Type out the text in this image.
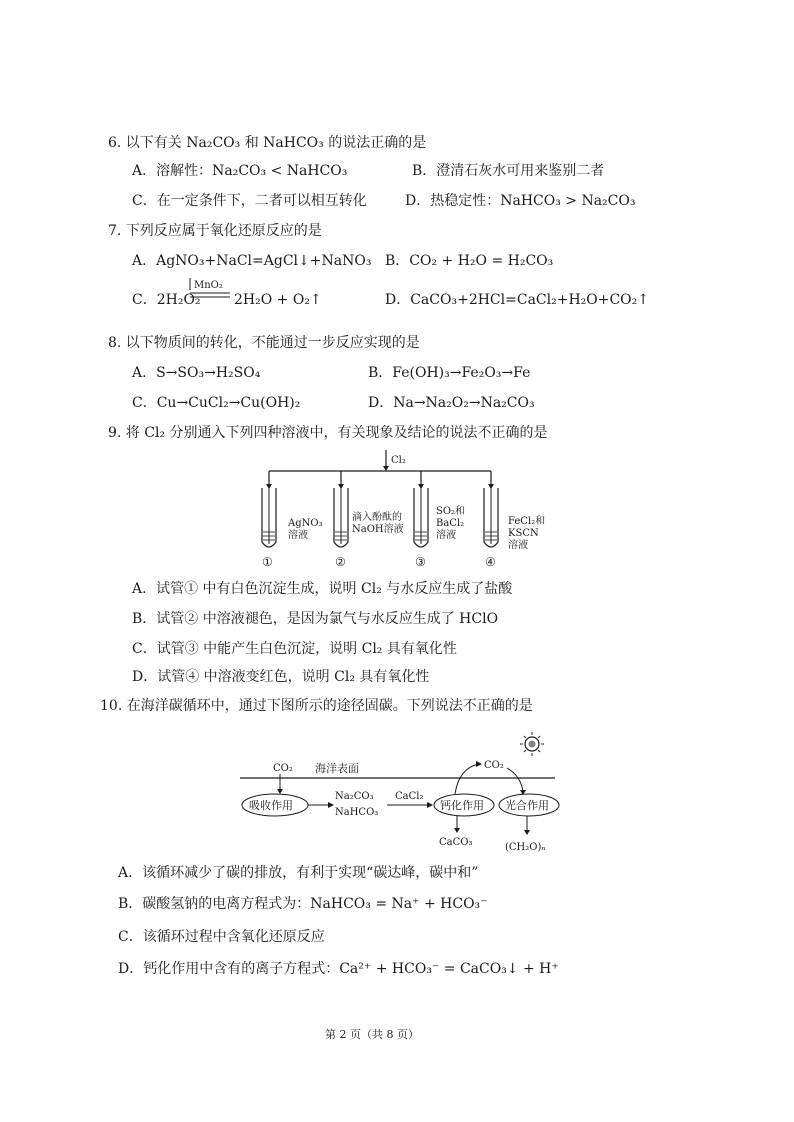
6. 以下有关 Na₂CO₃ 和 NaHCO₃ 的说法正确的是
A．溶解性：Na₂CO₃ < NaHCO₃	B．澄清石灰水可用来鉴别二者
C．在一定条件下，二者可以相互转化	D．热稳定性：NaHCO₃ > Na₂CO₃
7. 下列反应属于氧化还原反应的是
A．AgNO₃+NaCl=AgCl↓+NaNO₃ B．CO₂ + H₂O = H₂CO₃
C．2H₂O₂
MnO₂
2H₂O + O₂↑	D．CaCO₃+2HCl=CaCl₂+H₂O+CO₂↑
8. 以下物质间的转化，不能通过一步反应实现的是
A．S→SO₃→H₂SO₄	B．Fe(OH)₃→Fe₂O₃→Fe
C．Cu→CuCl₂→Cu(OH)₂	D．Na→Na₂O₂→Na₂CO₃
9. 将 Cl₂ 分别通入下列四种溶液中，有关现象及结论的说法不正确的是
Cl₂
AgNO₃
溶液
①
滴入酚酞的
NaOH溶液
②
SO₂和
BaCl₂
溶液
③
FeCl₂和
KSCN
溶液
④
A．试管① 中有白色沉淀生成，说明 Cl₂ 与水反应生成了盐酸
B．试管② 中溶液褪色，是因为氯气与水反应生成了 HClO
C．试管③ 中能产生白色沉淀，说明 Cl₂ 具有氧化性
D．试管④ 中溶液变红色，说明 Cl₂ 具有氧化性
10. 在海洋碳循环中，通过下图所示的途径固碳。下列说法不正确的是
海洋表面
CO₂
吸收作用
Na₂CO₃
NaHCO₃
CaCl₂
钙化作用
CO₂
光合作用
CaCO₃	(CH₂O)ₙ
A．该循环减少了碳的排放，有利于实现“碳达峰，碳中和”
B．碳酸氢钠的电离方程式为：NaHCO₃ = Na⁺ + HCO₃⁻
C．该循环过程中含氧化还原反应
D．钙化作用中含有的离子方程式：Ca²⁺ + HCO₃⁻ = CaCO₃↓ + H⁺
第 2 页（共 8 页）
